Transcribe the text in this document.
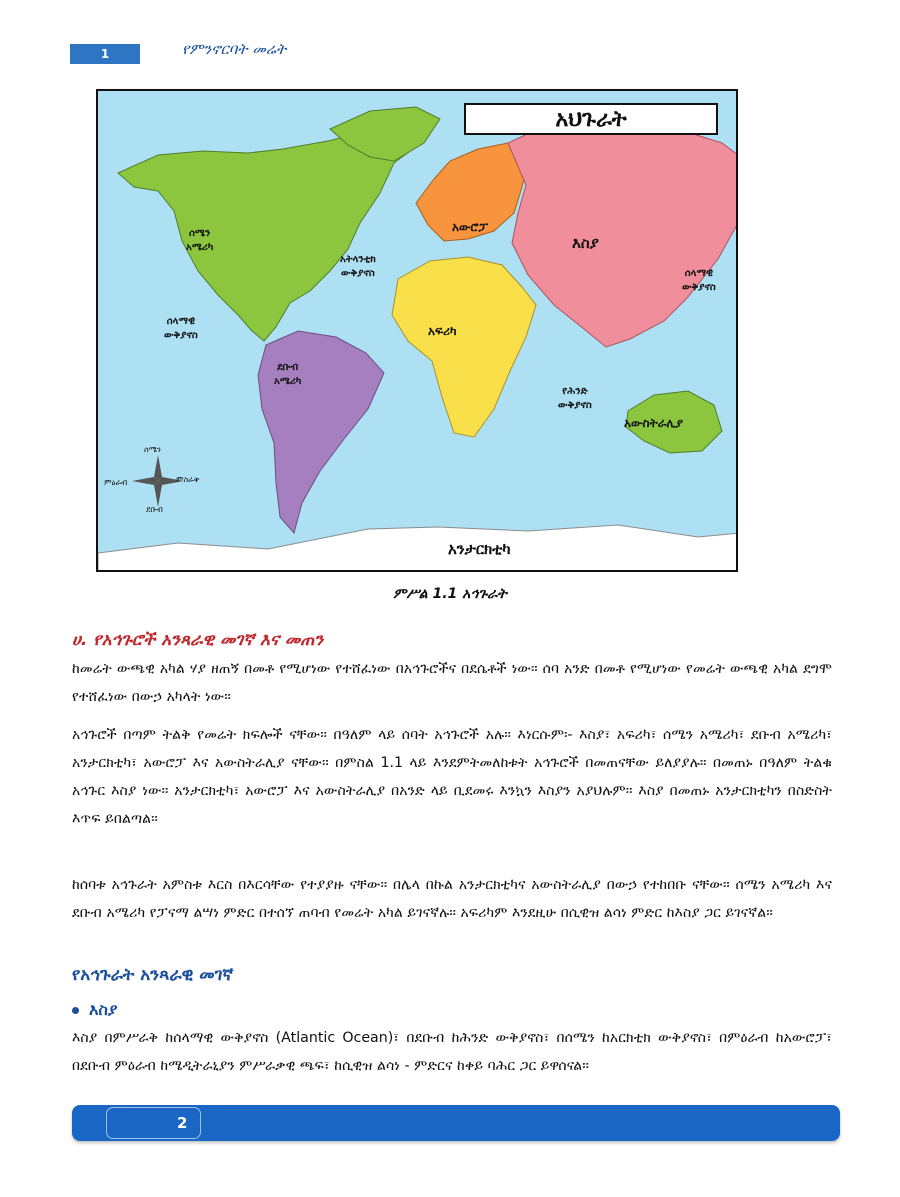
1	የምንኖርባት መሬት
አህጉራት
ሰሜን
አሜሪካ
ደቡብ
አሜሪካ
አውሮፓ
እስያ
አፍሪካ
አውስትራሊያ
አንታርክቲካ
አትላንቲክ
ውቅያኖስ
ሰላማዊ
ውቅያኖስ
ሰላማዊ
ውቅያኖስ
የሕንድ
ውቅያኖስ
ሰሜን
ደቡብ
ምስራቅ
ምዕራብ
ምሥል 1.1 አኅጉራት
ሀ. የአኅጉሮች አንጻራዊ መገኛ እና መጠን

ከመሬት ውጫዊ አካል ሃያ ዘጠኝ በመቶ የሚሆነው የተሸፈነው በአኅጉሮችና በደሴቶች ነው፡፡ ሰባ አንድ በመቶ የሚሆነው የመሬት ውጫዊ አካል ደግሞ የተሸፈነው በውኃ አካላት ነው፡፡

አኅጉሮች በጣም ትልቅ የመሬት ክፍሎች ናቸው፡፡ በዓለም ላይ ሰባት አኅጉሮች አሉ፡፡ እነርሱም፡- እስያ፣ አፍሪካ፣ ሰሜን አሜሪካ፣ ደቡብ አሜሪካ፣ አንታርክቲካ፣ አውሮፓ እና አውስትራሊያ ናቸው፡፡ በምስል 1.1 ላይ እንደምትመለከቱት አኅጉሮች በመጠናቸው ይለያያሉ፡፡ በመጠኑ በዓለም ትልቁ አኅጉር እስያ ነው፡፡ አንታርክቲካ፣ አውሮፓ እና አውስትራሊያ በአንድ ላይ ቢደመሩ እንኳን እስያን አያህሉም፡፡ እስያ በመጠኑ አንታርክቲካን በስድስት እጥፍ ይበልጣል፡፡

ከሰባቱ አኅጉራት አምስቱ እርስ በእርሳቸው የተያያዙ ናቸው፡፡ በሌላ በኩል አንታርክቲካና አውስትራሊያ በውኃ የተከበቡ ናቸው፡፡ ሰሜን አሜሪካ እና ደቡብ አሜሪካ የፓናማ ልሣነ ምድር በተሰኘ ጠባብ የመሬት አካል ይገናኛሉ፡፡ አፍሪካም እንደዚሁ በሲዊዝ ልሳነ ምድር ከእስያ ጋር ይገናኛል፡፡

የአኅጉራት አንጻራዊ መገኛ
እስያ

እስያ በምሥራቅ ከሰላማዊ ውቅያኖስ (Atlantic Ocean)፣ በደቡብ ከሕንድ ውቅያኖስ፣ በሰሜን ከአርክቲክ ውቅያኖስ፣ በምዕራብ ከአውሮፓ፣ በደቡብ ምዕራብ ከሜዲትራኒያን ምሥራቃዊ ጫፍ፣ ከሲዊዝ ልሳነ - ምድርና ከቀይ ባሕር ጋር ይዋሰናል፡፡

2
